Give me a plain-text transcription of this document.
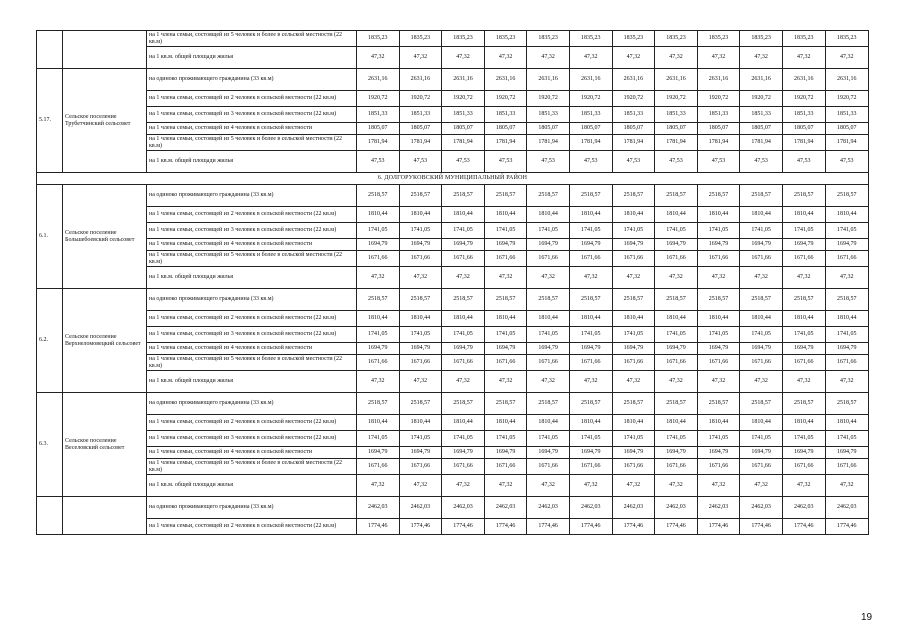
		на 1 члена семьи, состоящей из 5 человек и более в сельской местности (22 кв.м)	1835,23	1835,23	1835,23	1835,23	1835,23	1835,23	1835,23	1835,23	1835,23	1835,23	1835,23	1835,23
		на 1 кв.м. общей площади жилья	47,32	47,32	47,32	47,32	47,32	47,32	47,32	47,32	47,32	47,32	47,32	47,32
5.17.	Сельское поселение Трубетчинский сельсовет	на одиноко проживающего гражданина (33 кв.м)	2631,16	2631,16	2631,16	2631,16	2631,16	2631,16	2631,16	2631,16	2631,16	2631,16	2631,16	2631,16
		на 1 члена семьи, состоящей из 2 человек в сельской местности (22 кв.м)	1920,72	1920,72	1920,72	1920,72	1920,72	1920,72	1920,72	1920,72	1920,72	1920,72	1920,72	1920,72
		на 1 члена семьи, состоящей из 3 человек в сельской местности (22 кв.м)	1851,33	1851,33	1851,33	1851,33	1851,33	1851,33	1851,33	1851,33	1851,33	1851,33	1851,33	1851,33
		на 1 члена семьи, состоящей из 4 человек в сельской местности	1805,07	1805,07	1805,07	1805,07	1805,07	1805,07	1805,07	1805,07	1805,07	1805,07	1805,07	1805,07
		на 1 члена семьи, состоящей из 5 человек и более в сельской местности (22 кв.м)	1781,94	1781,94	1781,94	1781,94	1781,94	1781,94	1781,94	1781,94	1781,94	1781,94	1781,94	1781,94
		на 1 кв.м. общей площади жилья	47,53	47,53	47,53	47,53	47,53	47,53	47,53	47,53	47,53	47,53	47,53	47,53
6. ДОЛГОРУКОВСКИЙ МУНИЦИПАЛЬНЫЙ РАЙОН														
6.1.	Сельское поселение Большебоевский сельсовет	на одиноко проживающего гражданина (33 кв.м)	2518,57	2518,57	2518,57	2518,57	2518,57	2518,57	2518,57	2518,57	2518,57	2518,57	2518,57	2518,57
		на 1 члена семьи, состоящей из 2 человек в сельской местности (22 кв.м)	1810,44	1810,44	1810,44	1810,44	1810,44	1810,44	1810,44	1810,44	1810,44	1810,44	1810,44	1810,44
		на 1 члена семьи, состоящей из 3 человек в сельской местности (22 кв.м)	1741,05	1741,05	1741,05	1741,05	1741,05	1741,05	1741,05	1741,05	1741,05	1741,05	1741,05	1741,05
		на 1 члена семьи, состоящей из 4 человек в сельской местности	1694,79	1694,79	1694,79	1694,79	1694,79	1694,79	1694,79	1694,79	1694,79	1694,79	1694,79	1694,79
		на 1 члена семьи, состоящей из 5 человек и более в сельской местности (22 кв.м)	1671,66	1671,66	1671,66	1671,66	1671,66	1671,66	1671,66	1671,66	1671,66	1671,66	1671,66	1671,66
		на 1 кв.м. общей площади жилья	47,32	47,32	47,32	47,32	47,32	47,32	47,32	47,32	47,32	47,32	47,32	47,32
6.2.	Сельское поселение Верхнеломовецкий сельсовет	на одиноко проживающего гражданина (33 кв.м)	2518,57	2518,57	2518,57	2518,57	2518,57	2518,57	2518,57	2518,57	2518,57	2518,57	2518,57	2518,57
		на 1 члена семьи, состоящей из 2 человек в сельской местности (22 кв.м)	1810,44	1810,44	1810,44	1810,44	1810,44	1810,44	1810,44	1810,44	1810,44	1810,44	1810,44	1810,44
		на 1 члена семьи, состоящей из 3 человек в сельской местности (22 кв.м)	1741,05	1741,05	1741,05	1741,05	1741,05	1741,05	1741,05	1741,05	1741,05	1741,05	1741,05	1741,05
		на 1 члена семьи, состоящей из 4 человек в сельской местности	1694,79	1694,79	1694,79	1694,79	1694,79	1694,79	1694,79	1694,79	1694,79	1694,79	1694,79	1694,79
		на 1 члена семьи, состоящей из 5 человек и более в сельской местности (22 кв.м)	1671,66	1671,66	1671,66	1671,66	1671,66	1671,66	1671,66	1671,66	1671,66	1671,66	1671,66	1671,66
		на 1 кв.м. общей площади жилья	47,32	47,32	47,32	47,32	47,32	47,32	47,32	47,32	47,32	47,32	47,32	47,32
6.3.	Сельское поселение Веселовский сельсовет	на одиноко проживающего гражданина (33 кв.м)	2518,57	2518,57	2518,57	2518,57	2518,57	2518,57	2518,57	2518,57	2518,57	2518,57	2518,57	2518,57
		на 1 члена семьи, состоящей из 2 человек в сельской местности (22 кв.м)	1810,44	1810,44	1810,44	1810,44	1810,44	1810,44	1810,44	1810,44	1810,44	1810,44	1810,44	1810,44
		на 1 члена семьи, состоящей из 3 человек в сельской местности (22 кв.м)	1741,05	1741,05	1741,05	1741,05	1741,05	1741,05	1741,05	1741,05	1741,05	1741,05	1741,05	1741,05
		на 1 члена семьи, состоящей из 4 человек в сельской местности	1694,79	1694,79	1694,79	1694,79	1694,79	1694,79	1694,79	1694,79	1694,79	1694,79	1694,79	1694,79
		на 1 члена семьи, состоящей из 5 человек и более в сельской местности (22 кв.м)	1671,66	1671,66	1671,66	1671,66	1671,66	1671,66	1671,66	1671,66	1671,66	1671,66	1671,66	1671,66
		на 1 кв.м. общей площади жилья	47,32	47,32	47,32	47,32	47,32	47,32	47,32	47,32	47,32	47,32	47,32	47,32
		на одиноко проживающего гражданина (33 кв.м)	2462,03	2462,03	2462,03	2462,03	2462,03	2462,03	2462,03	2462,03	2462,03	2462,03	2462,03	2462,03
		на 1 члена семьи, состоящей из 2 человек в сельской местности (22 кв.м)	1774,46	1774,46	1774,46	1774,46	1774,46	1774,46	1774,46	1774,46	1774,46	1774,46	1774,46	1774,46
19
